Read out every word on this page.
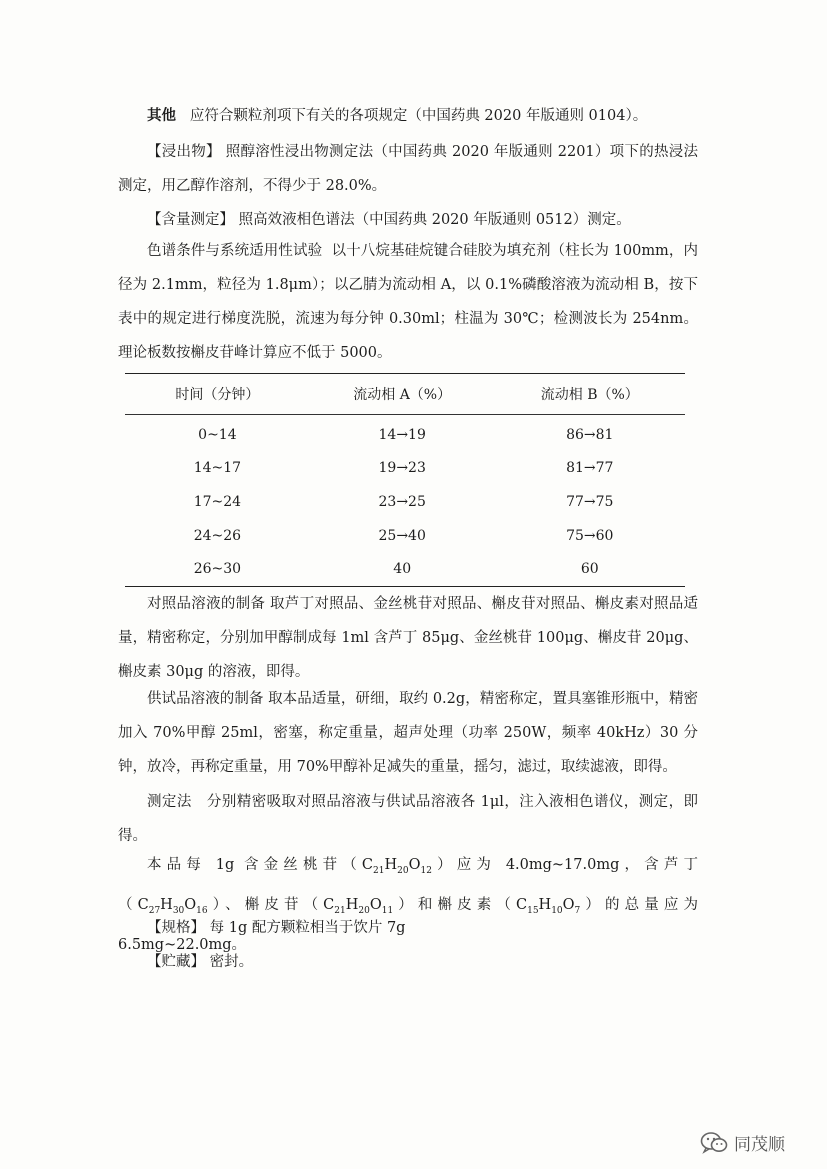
其他 应符合颗粒剂项下有关的各项规定（中国药典 2020 年版通则 0104）。

【浸出物】 照醇溶性浸出物测定法（中国药典 2020 年版通则 2201）项下的热浸法测定，用乙醇作溶剂，不得少于 28.0%。

【含量测定】 照高效液相色谱法（中国药典 2020 年版通则 0512）测定。

色谱条件与系统适用性试验 以十八烷基硅烷键合硅胶为填充剂（柱长为 100mm，内径为 2.1mm，粒径为 1.8μm）；以乙腈为流动相 A，以 0.1%磷酸溶液为流动相 B，按下表中的规定进行梯度洗脱，流速为每分钟 0.30ml；柱温为 30℃；检测波长为 254nm。理论板数按槲皮苷峰计算应不低于 5000。

时间（分钟）	流动相 A（%）	流动相 B（%）
0~14	14→19	86→81
14~17	19→23	81→77
17~24	23→25	77→75
24~26	25→40	75→60
26~30	40	60

对照品溶液的制备 取芦丁对照品、金丝桃苷对照品、槲皮苷对照品、槲皮素对照品适量，精密称定，分别加甲醇制成每 1ml 含芦丁 85μg、金丝桃苷 100μg、槲皮苷 20μg、槲皮素 30μg 的溶液，即得。

供试品溶液的制备 取本品适量，研细，取约 0.2g，精密称定，置具塞锥形瓶中，精密加入 70%甲醇 25ml，密塞，称定重量，超声处理（功率 250W，频率 40kHz）30 分钟，放冷，再称定重量，用 70%甲醇补足减失的重量，摇匀，滤过，取续滤液，即得。

测定法 分别精密吸取对照品溶液与供试品溶液各 1μl，注入液相色谱仪，测定，即得。

本品每 1g 含金丝桃苷$(C_{21}H_{20}O_{12})$应为 4.0mg~17.0mg，含芦丁$(C_{27}H_{30}O_{16})$、槲皮苷$(C_{21}H_{20}O_{11})$和槲皮素$(C_{15}H_{10}O_7)$的总量应为 6.5mg~22.0mg。

【规格】 每 1g 配方颗粒相当于饮片 7g

【贮藏】 密封。

同茂顺
